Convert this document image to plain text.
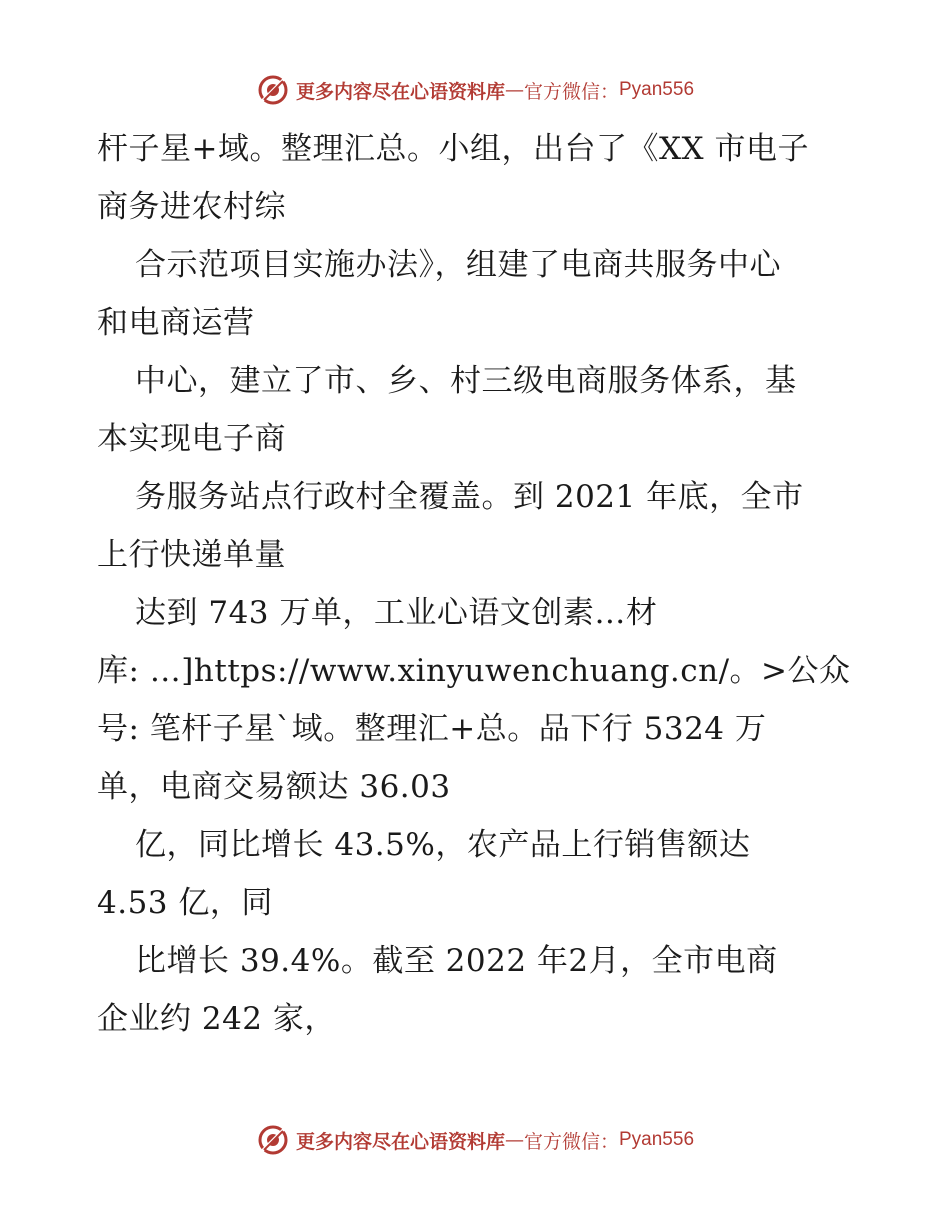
更多内容尽在心语资料库 — 官方微信： Pyan556
杆子星+域。整理汇总。小组，出台了《XX 市电子
商务进农村综
合示范项目实施办法》，组建了电商共服务中心
和电商运营
中心，建立了市、乡、村三级电商服务体系，基
本实现电子商
务服务站点行政村全覆盖。到 2021 年底，全市
上行快递单量
达到 743 万单，工业心语文创素…材
库: …]https://www.xinyuwenchuang.cn/。>公众
号: 笔杆子星`域。整理汇+总。品下行 5324 万
单，电商交易额达 36.03
亿，同比增长 43.5%，农产品上行销售额达
4.53 亿，同
比增长 39.4%。截至 2022 年2月，全市电商
企业约 242 家，
更多内容尽在心语资料库 — 官方微信： Pyan556
